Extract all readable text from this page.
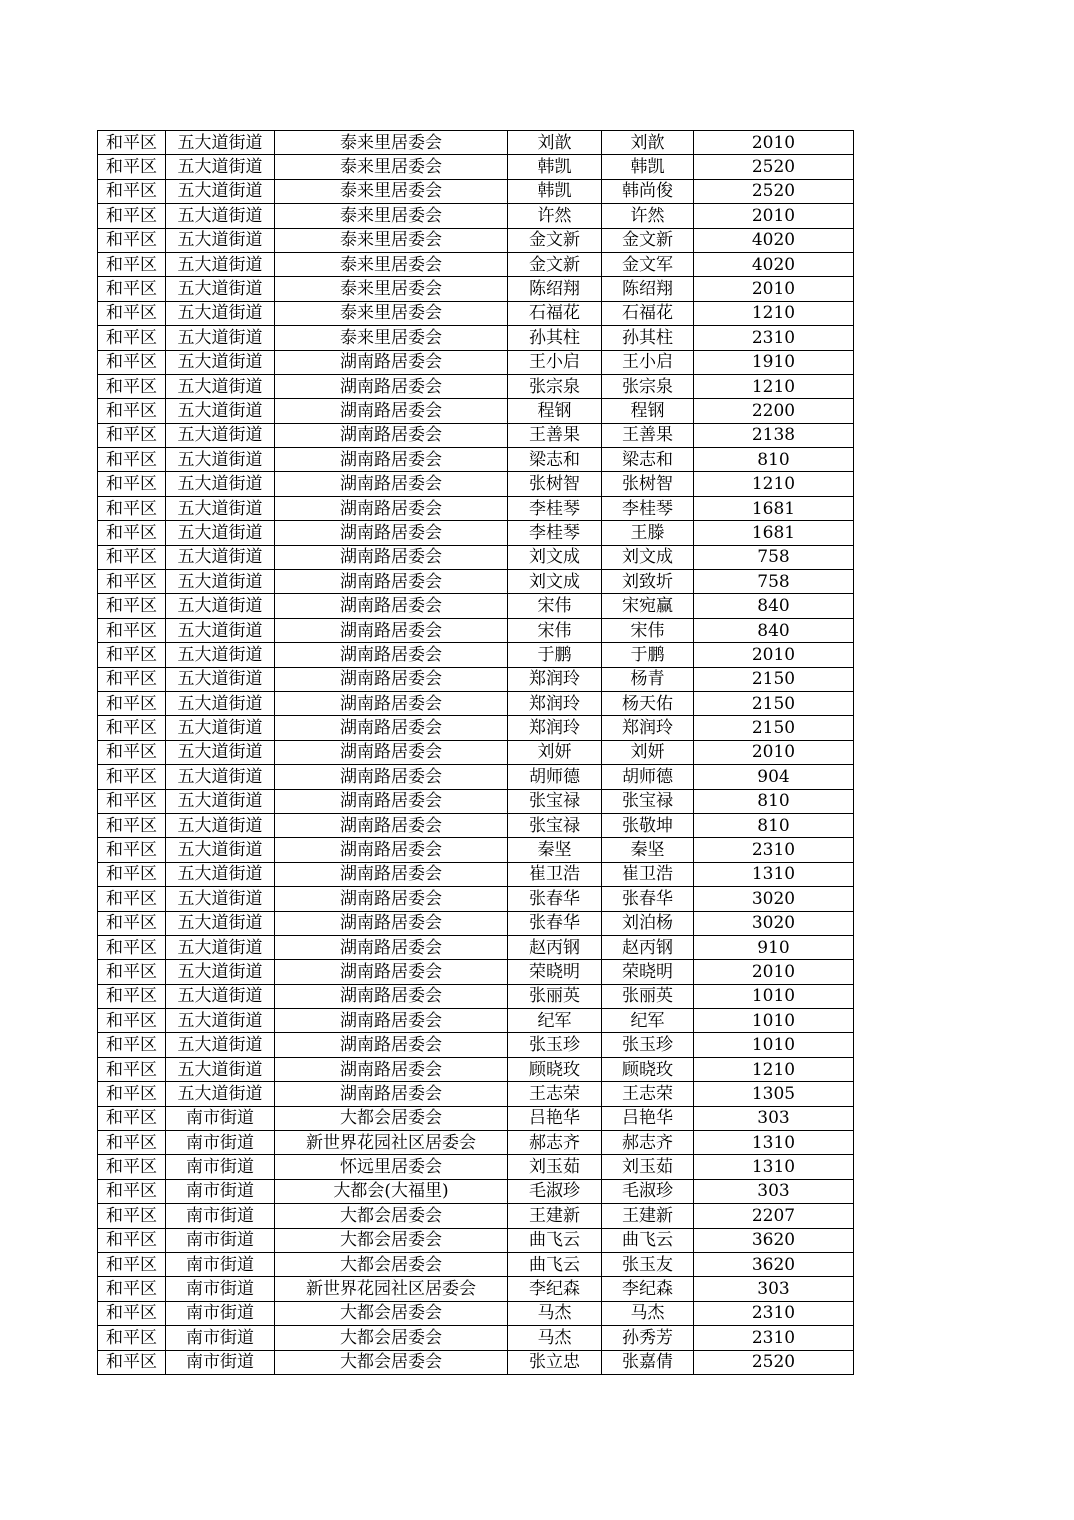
和平区	五大道街道	泰来里居委会	刘歆	刘歆	2010
和平区	五大道街道	泰来里居委会	韩凯	韩凯	2520
和平区	五大道街道	泰来里居委会	韩凯	韩尚俊	2520
和平区	五大道街道	泰来里居委会	许然	许然	2010
和平区	五大道街道	泰来里居委会	金文新	金文新	4020
和平区	五大道街道	泰来里居委会	金文新	金文军	4020
和平区	五大道街道	泰来里居委会	陈绍翔	陈绍翔	2010
和平区	五大道街道	泰来里居委会	石福花	石福花	1210
和平区	五大道街道	泰来里居委会	孙其柱	孙其柱	2310
和平区	五大道街道	湖南路居委会	王小启	王小启	1910
和平区	五大道街道	湖南路居委会	张宗泉	张宗泉	1210
和平区	五大道街道	湖南路居委会	程钢	程钢	2200
和平区	五大道街道	湖南路居委会	王善果	王善果	2138
和平区	五大道街道	湖南路居委会	梁志和	梁志和	810
和平区	五大道街道	湖南路居委会	张树智	张树智	1210
和平区	五大道街道	湖南路居委会	李桂琴	李桂琴	1681
和平区	五大道街道	湖南路居委会	李桂琴	王滕	1681
和平区	五大道街道	湖南路居委会	刘文成	刘文成	758
和平区	五大道街道	湖南路居委会	刘文成	刘致圻	758
和平区	五大道街道	湖南路居委会	宋伟	宋宛赢	840
和平区	五大道街道	湖南路居委会	宋伟	宋伟	840
和平区	五大道街道	湖南路居委会	于鹏	于鹏	2010
和平区	五大道街道	湖南路居委会	郑润玲	杨青	2150
和平区	五大道街道	湖南路居委会	郑润玲	杨天佑	2150
和平区	五大道街道	湖南路居委会	郑润玲	郑润玲	2150
和平区	五大道街道	湖南路居委会	刘妍	刘妍	2010
和平区	五大道街道	湖南路居委会	胡师德	胡师德	904
和平区	五大道街道	湖南路居委会	张宝禄	张宝禄	810
和平区	五大道街道	湖南路居委会	张宝禄	张敬坤	810
和平区	五大道街道	湖南路居委会	秦坚	秦坚	2310
和平区	五大道街道	湖南路居委会	崔卫浩	崔卫浩	1310
和平区	五大道街道	湖南路居委会	张春华	张春华	3020
和平区	五大道街道	湖南路居委会	张春华	刘泊杨	3020
和平区	五大道街道	湖南路居委会	赵丙钢	赵丙钢	910
和平区	五大道街道	湖南路居委会	荣晓明	荣晓明	2010
和平区	五大道街道	湖南路居委会	张丽英	张丽英	1010
和平区	五大道街道	湖南路居委会	纪军	纪军	1010
和平区	五大道街道	湖南路居委会	张玉珍	张玉珍	1010
和平区	五大道街道	湖南路居委会	顾晓玫	顾晓玫	1210
和平区	五大道街道	湖南路居委会	王志荣	王志荣	1305
和平区	南市街道	大都会居委会	吕艳华	吕艳华	303
和平区	南市街道	新世界花园社区居委会	郝志齐	郝志齐	1310
和平区	南市街道	怀远里居委会	刘玉茹	刘玉茹	1310
和平区	南市街道	大都会(大福里)	毛淑珍	毛淑珍	303
和平区	南市街道	大都会居委会	王建新	王建新	2207
和平区	南市街道	大都会居委会	曲飞云	曲飞云	3620
和平区	南市街道	大都会居委会	曲飞云	张玉友	3620
和平区	南市街道	新世界花园社区居委会	李纪森	李纪森	303
和平区	南市街道	大都会居委会	马杰	马杰	2310
和平区	南市街道	大都会居委会	马杰	孙秀芳	2310
和平区	南市街道	大都会居委会	张立忠	张嘉倩	2520
